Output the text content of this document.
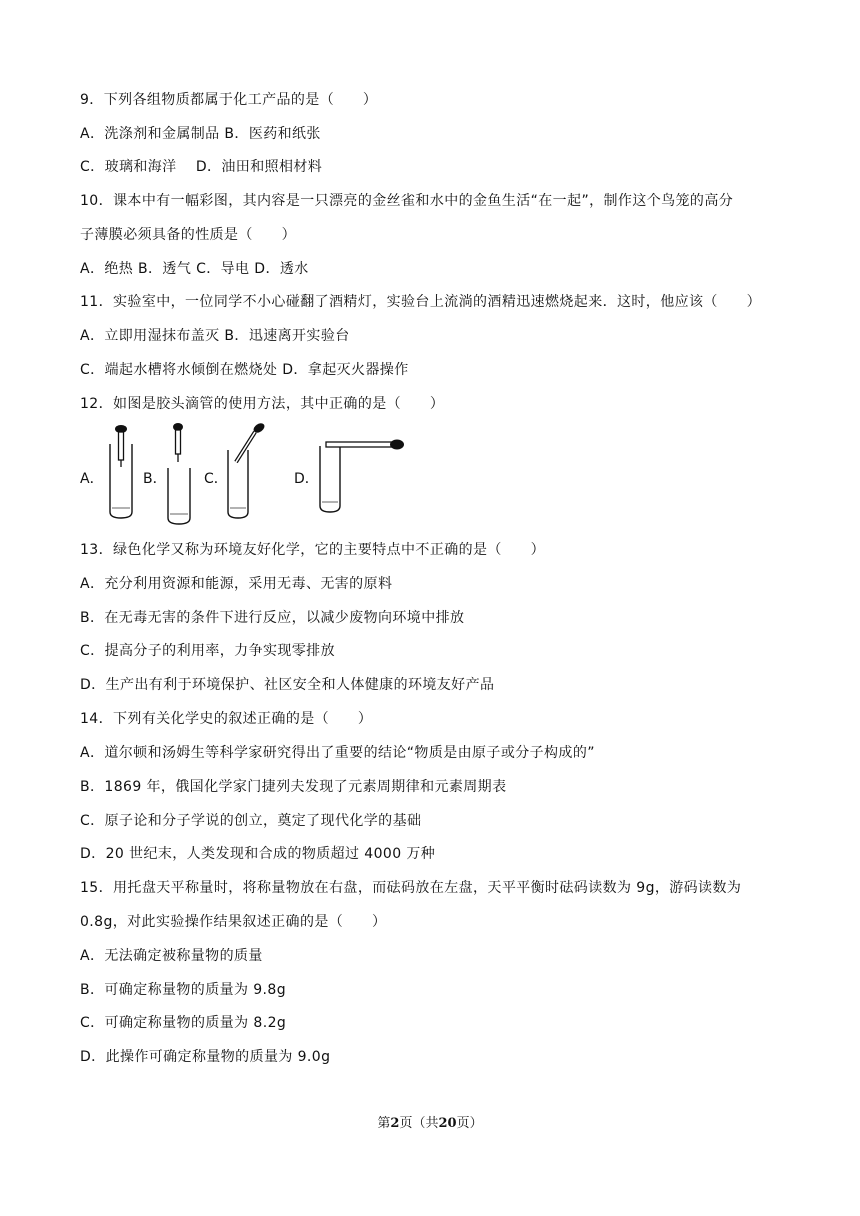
9．下列各组物质都属于化工产品的是（　　）
A．洗涤剂和金属制品 B．医药和纸张
C．玻璃和海洋　 D．油田和照相材料
10．课本中有一幅彩图，其内容是一只漂亮的金丝雀和水中的金鱼生活“在一起”，制作这个鸟笼的高分
子薄膜必须具备的性质是（　　）
A．绝热 B．透气 C．导电 D．透水
11．实验室中，一位同学不小心碰翻了酒精灯，实验台上流淌的酒精迅速燃烧起来．这时，他应该（　　）
A．立即用湿抹布盖灭 B．迅速离开实验台
C．端起水槽将水倾倒在燃烧处 D．拿起灭火器操作
12．如图是胶头滴管的使用方法，其中正确的是（　　）
A．	B．	C．	D．
13．绿色化学又称为环境友好化学，它的主要特点中不正确的是（　　）
A．充分利用资源和能源，采用无毒、无害的原料
B．在无毒无害的条件下进行反应，以减少废物向环境中排放
C．提高分子的利用率，力争实现零排放
D．生产出有利于环境保护、社区安全和人体健康的环境友好产品
14．下列有关化学史的叙述正确的是（　　）
A．道尔顿和汤姆生等科学家研究得出了重要的结论“物质是由原子或分子构成的”
B．1869 年，俄国化学家门捷列夫发现了元素周期律和元素周期表
C．原子论和分子学说的创立，奠定了现代化学的基础
D．20 世纪末，人类发现和合成的物质超过 4000 万种
15．用托盘天平称量时，将称量物放在右盘，而砝码放在左盘，天平平衡时砝码读数为 9g，游码读数为
0.8g，对此实验操作结果叙述正确的是（　　）
A．无法确定被称量物的质量
B．可确定称量物的质量为 9.8g
C．可确定称量物的质量为 8.2g
D．此操作可确定称量物的质量为 9.0g
第2页（共20页）
